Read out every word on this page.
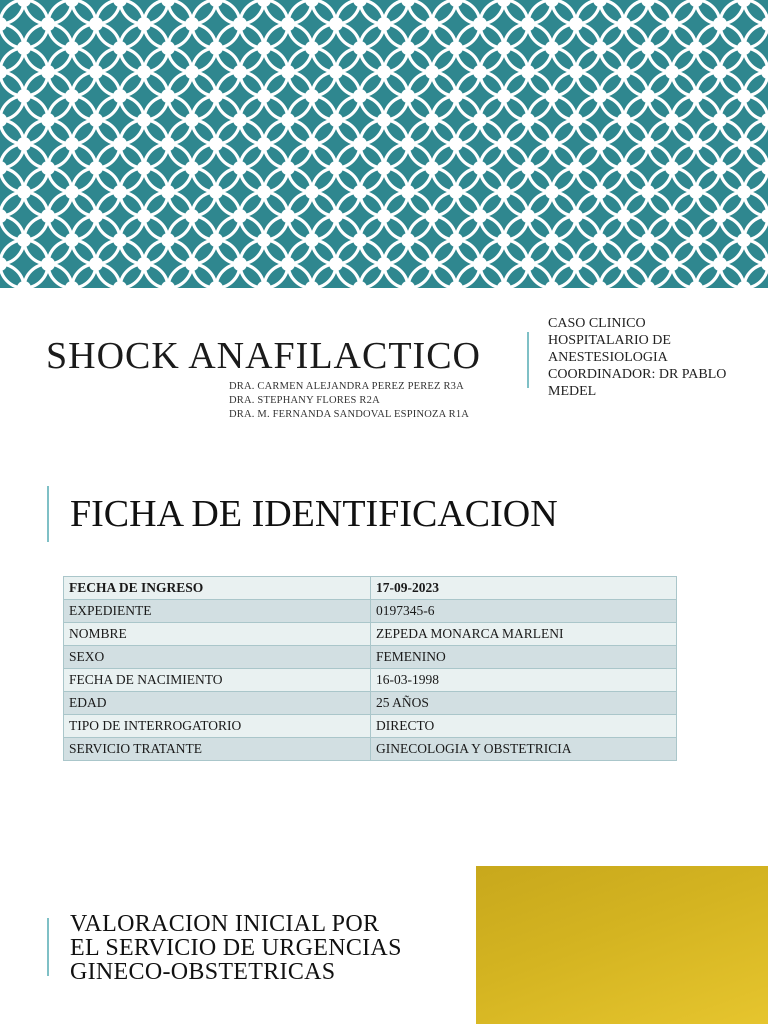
SHOCK ANAFILACTICO
DRA. CARMEN ALEJANDRA PEREZ PEREZ R3A
DRA. STEPHANY FLORES R2A
DRA. M. FERNANDA SANDOVAL ESPINOZA R1A
CASO CLINICO
HOSPITALARIO DE
ANESTESIOLOGIA
COORDINADOR: DR PABLO
MEDEL
FICHA DE IDENTIFICACION
FECHA DE INGRESO	17-09-2023
EXPEDIENTE	0197345-6
NOMBRE	ZEPEDA MONARCA MARLENI
SEXO	FEMENINO
FECHA DE NACIMIENTO	16-03-1998
EDAD	25 AÑOS
TIPO DE INTERROGATORIO	DIRECTO
SERVICIO TRATANTE	GINECOLOGIA Y OBSTETRICIA
VALORACION INICIAL POR
EL SERVICIO DE URGENCIAS
GINECO-OBSTETRICAS
